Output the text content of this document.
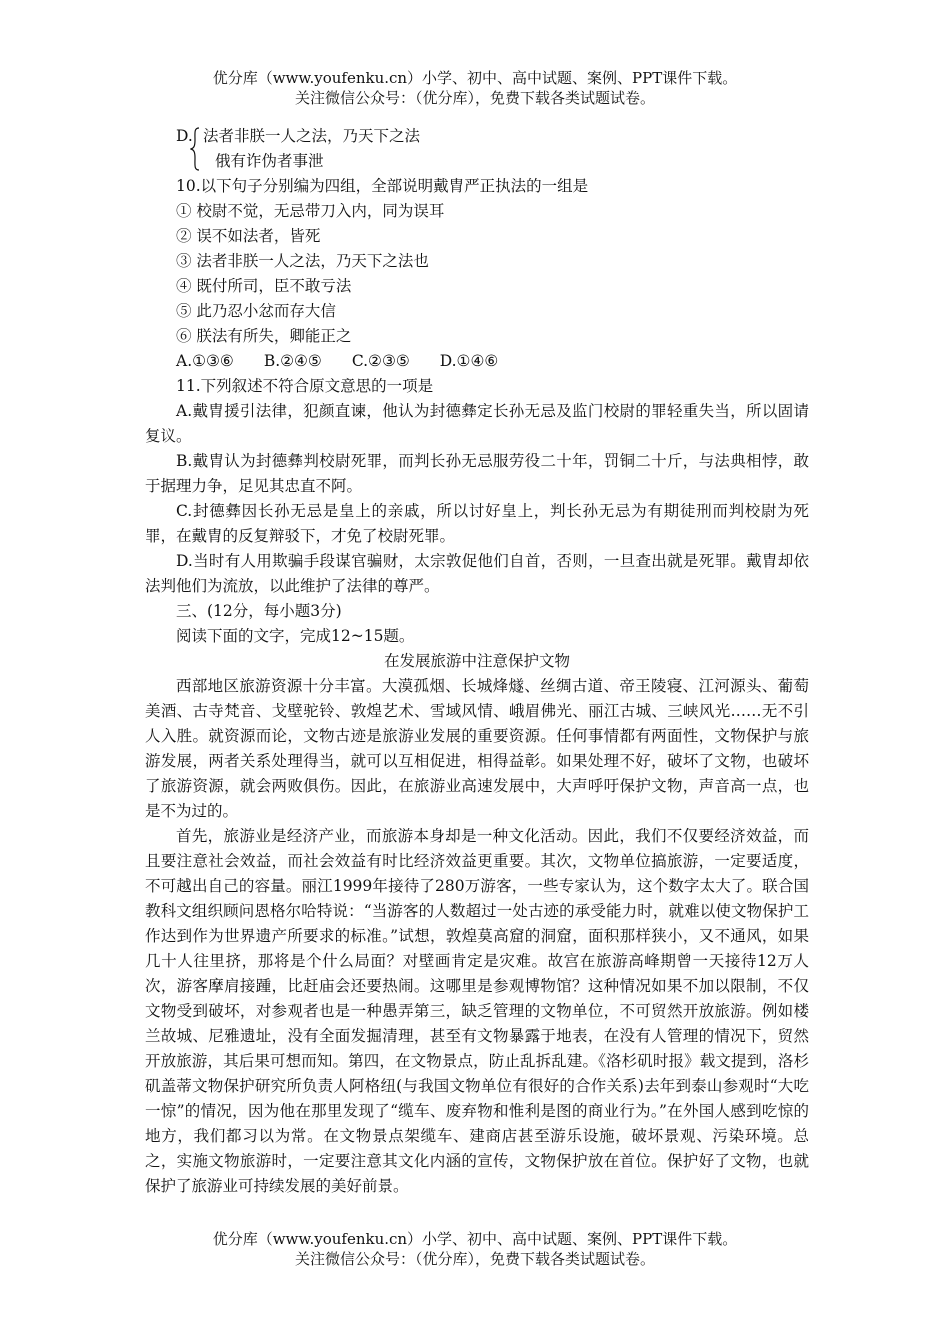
优分库（www.youfenku.cn）小学、初中、高中试题、案例、PPT课件下载。
关注微信公众号：（优分库），免费下载各类试题试卷。
D. 法者非朕一人之法，乃天下之法
俄有诈伪者事泄
10.以下句子分别编为四组，全部说明戴胄严正执法的一组是
① 校尉不觉，无忌带刀入内，同为误耳
② 误不如法者，皆死
③ 法者非朕一人之法，乃天下之法也
④ 既付所司，臣不敢亏法
⑤ 此乃忍小忿而存大信
⑥ 朕法有所失，卿能正之
A.①③⑥ B.②④⑤ C.②③⑤ D.①④⑥
11.下列叙述不符合原文意思的一项是
A.戴胄援引法律，犯颜直谏，他认为封德彝定长孙无忌及监门校尉的罪轻重失当，所以固请复议。
B.戴胄认为封德彝判校尉死罪，而判长孙无忌服劳役二十年，罚铜二十斤，与法典相悖，敢于据理力争，足见其忠直不阿。
C.封德彝因长孙无忌是皇上的亲戚，所以讨好皇上，判长孙无忌为有期徒刑而判校尉为死罪，在戴胄的反复辩驳下，才免了校尉死罪。
D.当时有人用欺骗手段谋官骗财，太宗敦促他们自首，否则，一旦查出就是死罪。戴胄却依法判他们为流放，以此维护了法律的尊严。
三、(12分，每小题3分)
阅读下面的文字，完成12~15题。
在发展旅游中注意保护文物
西部地区旅游资源十分丰富。大漠孤烟、长城烽燧、丝绸古道、帝王陵寝、江河源头、葡萄美酒、古寺梵音、戈壁驼铃、敦煌艺术、雪域风情、峨眉佛光、丽江古城、三峡风光……无不引人入胜。就资源而论，文物古迹是旅游业发展的重要资源。任何事情都有两面性，文物保护与旅游发展，两者关系处理得当，就可以互相促进，相得益彰。如果处理不好，破坏了文物，也破坏了旅游资源，就会两败俱伤。因此，在旅游业高速发展中，大声呼吁保护文物，声音高一点，也是不为过的。
首先，旅游业是经济产业，而旅游本身却是一种文化活动。因此，我们不仅要经济效益，而且要注意社会效益，而社会效益有时比经济效益更重要。其次，文物单位搞旅游，一定要适度，不可越出自己的容量。丽江1999年接待了280万游客，一些专家认为，这个数字太大了。联合国教科文组织顾问恩格尔哈特说：“当游客的人数超过一处古迹的承受能力时，就难以使文物保护工作达到作为世界遗产所要求的标准。”试想，敦煌莫高窟的洞窟，面积那样狭小，又不通风，如果几十人往里挤，那将是个什么局面？对壁画肯定是灾难。故宫在旅游高峰期曾一天接待12万人次，游客摩肩接踵，比赶庙会还要热闹。这哪里是参观博物馆？这种情况如果不加以限制，不仅文物受到破坏，对参观者也是一种愚弄第三，缺乏管理的文物单位，不可贸然开放旅游。例如楼兰故城、尼雅遗址，没有全面发掘清理，甚至有文物暴露于地表，在没有人管理的情况下，贸然开放旅游，其后果可想而知。第四，在文物景点，防止乱拆乱建。《洛杉矶时报》载文提到，洛杉矶盖蒂文物保护研究所负责人阿格纽(与我国文物单位有很好的合作关系)去年到泰山参观时“大吃一惊”的情况，因为他在那里发现了“缆车、废弃物和惟利是图的商业行为。”在外国人感到吃惊的地方，我们都习以为常。在文物景点架缆车、建商店甚至游乐设施，破坏景观、污染环境。总之，实施文物旅游时，一定要注意其文化内涵的宣传，文物保护放在首位。保护好了文物，也就保护了旅游业可持续发展的美好前景。
优分库（www.youfenku.cn）小学、初中、高中试题、案例、PPT课件下载。
关注微信公众号：（优分库），免费下载各类试题试卷。
